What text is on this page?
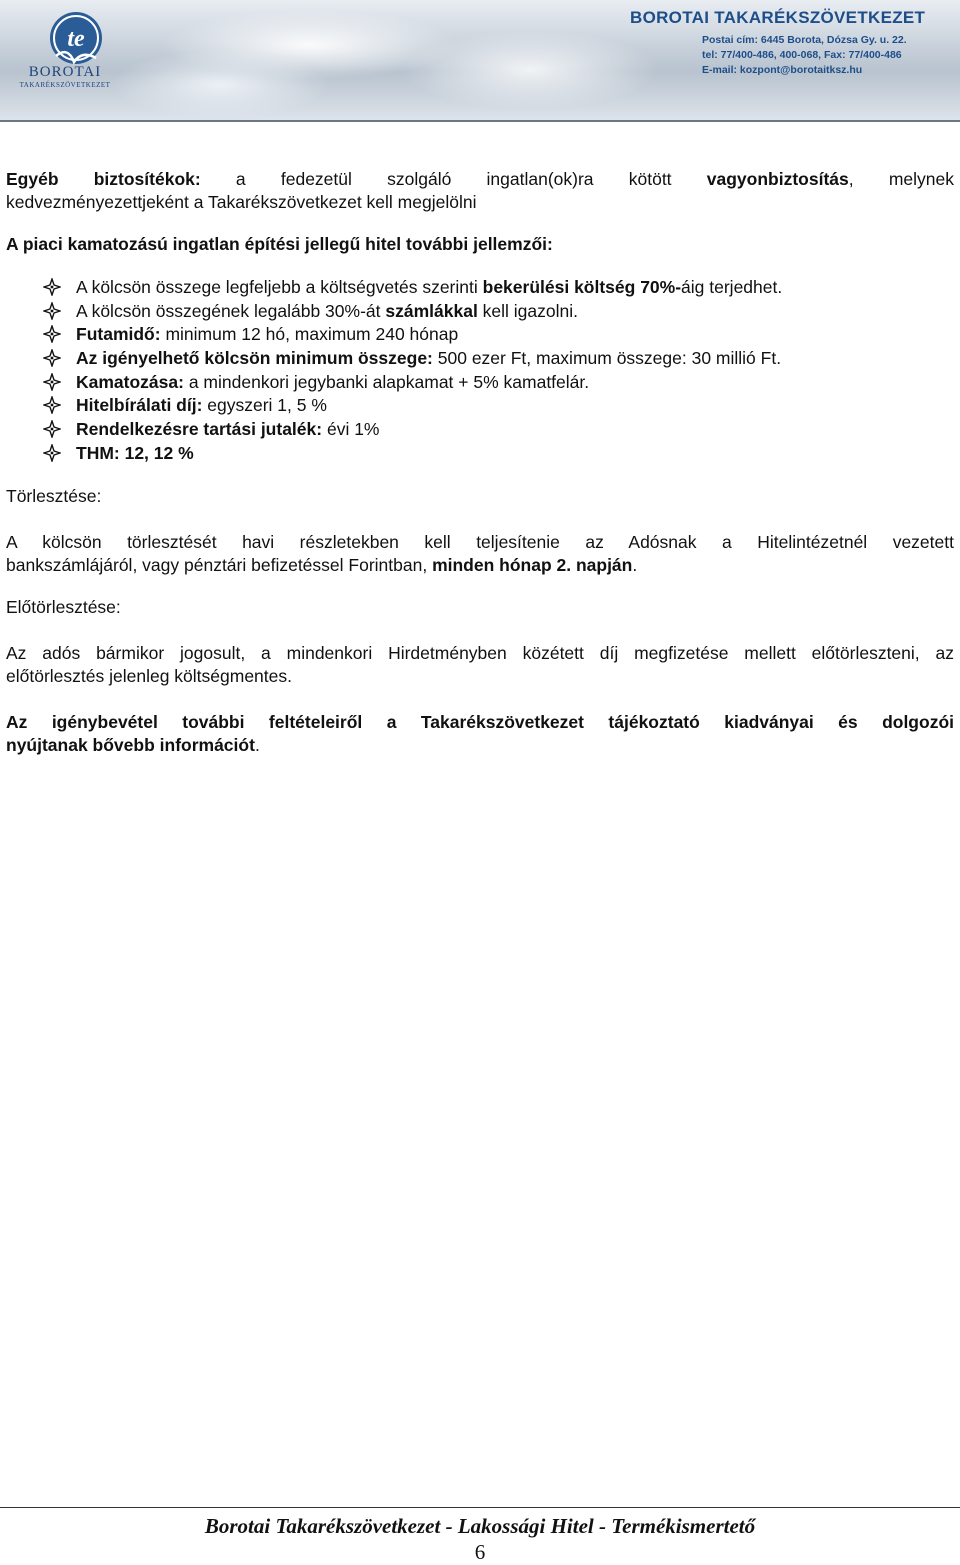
te
BOROTAI
TAKARÉKSZÖVETKEZET
BOROTAI TAKARÉKSZÖVETKEZET
Postai cím: 6445 Borota, Dózsa Gy. u. 22.
tel: 77/400-486, 400-068, Fax: 77/400-486
E-mail: kozpont@borotaitksz.hu

Egyéb biztosítékok: a fedezetül szolgáló ingatlan(ok)ra kötött vagyonbiztosítás, melynek

kedvezményezettjeként a Takarékszövetkezet kell megjelölni

A piaci kamatozású ingatlan építési jellegű hitel további jellemzői:

A kölcsön összege legfeljebb a költségvetés szerinti bekerülési költség 70%-áig terjedhet.
A kölcsön összegének legalább 30%-át számlákkal kell igazolni.
Futamidő: minimum 12 hó, maximum 240 hónap
Az igényelhető kölcsön minimum összege: 500 ezer Ft, maximum összege: 30 millió Ft.
Kamatozása: a mindenkori jegybanki alapkamat + 5% kamatfelár.
Hitelbírálati díj: egyszeri 1, 5 %
Rendelkezésre tartási jutalék: évi 1%
THM: 12, 12 %

Törlesztése:

A kölcsön törlesztését havi részletekben kell teljesítenie az Adósnak a Hitelintézetnél vezetett

bankszámlájáról, vagy pénztári befizetéssel Forintban, minden hónap 2. napján.

Előtörlesztése:

Az adós bármikor jogosult, a mindenkori Hirdetményben közétett díj megfizetése mellett előtörleszteni, az

előtörlesztés jelenleg költségmentes.

Az igénybevétel további feltételeiről a Takarékszövetkezet tájékoztató kiadványai és dolgozói

nyújtanak bővebb információt.

Borotai Takarékszövetkezet - Lakossági Hitel - Termékismertető
6
